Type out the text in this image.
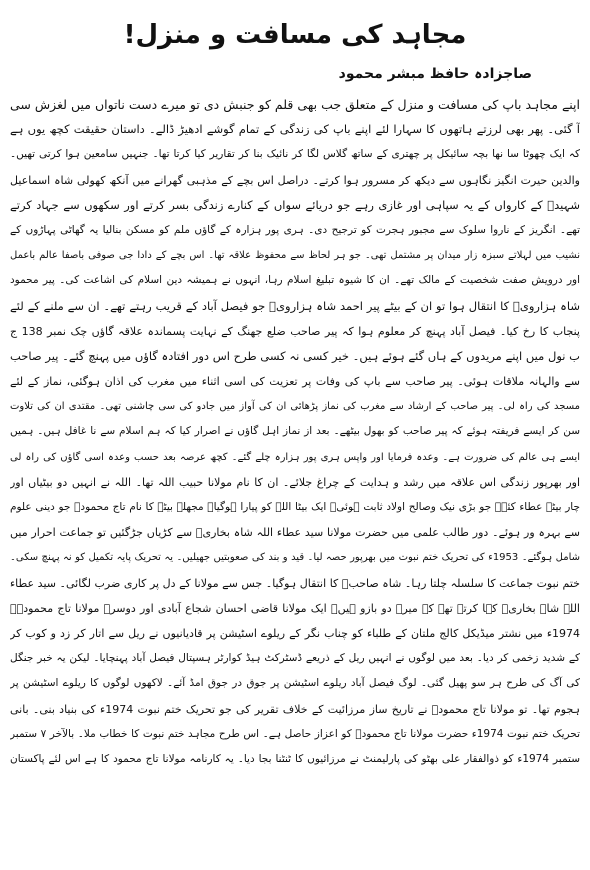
مجاہد کی مسافت و منزل!
صاجزادہ حافظ مبشر محمود
اپنے مجاہد باپ کی مسافت و منزل کے متعلق جب بھی قلم کو جنبش دی تو میرے دست ناتواں میں لغزش سی
آ گئی۔ پھر بھی لرزتے ہاتھوں کا سہارا لئے اپنے باپ کی زندگی کے تمام گوشے ادھیڑ ڈالے۔ داستان حقیقت کچھ یوں ہے
کہ ایک چھوٹا سا نھا بچہ سائیکل پر چھتری کے ساتھ گلاس لگا کر نائیک بنا کر تقاریر کیا کرتا تھا۔ جنہیں سامعین ہوا کرتی تھیں۔
والدین حیرت انگیز نگاہوں سے دیکھ کر مسرور ہوا کرتے۔ دراصل اس بچے کے مذہبی گھرانے میں آنکھ کھولی شاہ اسماعیل
شہیدؒ کے کارواں کے یہ سپاہی اور غازی رہے جو دریائے سواں کے کنارے زندگی بسر کرتے اور سکھوں سے جہاد کرتے
تھے۔ انگریز کے ناروا سلوک سے مجبور ہجرت کو ترجیح دی۔ ہری پور ہزارہ کے گاؤں ملم کو مسکن بنالیا یہ گھاٹی پہاڑوں کے
نشیب میں لہلاتے سبزہ زار میدان پر مشتمل تھی۔ جو ہر لحاظ سے محفوظ علاقہ تھا۔ اس بچے کے دادا جی صوفی باصفا عالم باعمل
اور درویش صفت شخصیت کے مالک تھے۔ ان کا شیوہ تبلیغ اسلام رہا، انہوں نے ہمیشہ دین اسلام کی اشاعت کی۔ پیر محمود
شاہ ہزارویؒ کا انتقال ہوا تو ان کے بیٹے پیر احمد شاہ ہزارویؒ جو فیصل آباد کے قریب رہتے تھے۔ ان سے ملنے کے لئے
پنجاب کا رخ کیا۔ فیصل آباد پہنچ کر معلوم ہوا کہ پیر صاحب ضلع جھنگ کے نہایت پسماندہ علاقہ گاؤں چک نمبر 138 ج
ب نول میں اپنے مریدوں کے ہاں گئے ہوئے ہیں۔ خیر کسی نہ کسی طرح اس دور افتادہ گاؤں میں پہنچ گئے۔ پیر صاحب
سے والہانہ ملاقات ہوئی۔ پیر صاحب سے باپ کی وفات پر تعزیت کی اسی اثناء میں مغرب کی اذان ہوگئی، نماز کے لئے
مسجد کی راہ لی۔ پیر صاحب کے ارشاد سے مغرب کی نماز پڑھائی ان کی آواز میں جادو کی سی چاشنی تھی۔ مقتدی ان کی تلاوت
سن کر ایسے فریفتہ ہوئے کہ پیر صاحب کو بھول بیٹھے۔ بعد از نماز اہل گاؤں نے اصرار کیا کہ ہم اسلام سے نا غافل ہیں۔ ہمیں
ایسے ہی عالم کی ضرورت ہے۔ وعدہ فرمایا اور واپس ہری پور ہزارہ چلے گئے۔ کچھ عرصہ بعد حسب وعدہ اسی گاؤں کی راہ لی
اور بھرپور زندگی اس علاقہ میں رشد و ہدایت کے چراغ جلائے۔ ان کا نام مولانا حبیب اللہ تھا۔ اللہ نے انہیں دو بیٹیاں اور
چار بیٹے عطاء کئے۔ جو بڑی نیک وصالح اولاد ثابت ہوئی۔ ایک بیٹا اللہ کو پیارا ہوگیا۔ مجھلے بیٹے کا نام تاج محمودؒ جو دینی علوم
سے بہرہ ور ہوئے۔ دور طالب علمی میں حضرت مولانا سید عطاء اللہ شاہ بخاریؒ سے کڑیاں جڑگئیں تو جماعت احرار میں
شامل ہوگئے۔ 1953ء کی تحریک ختم نبوت میں بھرپور حصہ لیا۔ قید و بند کی صعوبتیں جھیلیں۔ یہ تحریک پایہ تکمیل کو نہ پہنچ سکی۔
ختم نبوت جماعت کا سلسلہ چلتا رہا۔ شاہ صاحبؒ کا انتقال ہوگیا۔ جس سے مولانا کے دل پر کاری ضرب لگائی۔ سید عطاء
اللہ شاہ بخاریؒ کہا کرتے تھے کہ میرے دو بازو ہیں۔ ایک مولانا قاضی احسان شجاع آبادی اور دوسرے مولانا تاج محمودؒ۔
1974ء میں نشتر میڈیکل کالج ملتان کے طلباء کو چناب نگر کے ریلوے اسٹیشن پر قادیانیوں نے ریل سے اتار کر زد و کوب کر
کے شدید زخمی کر دیا۔ بعد میں لوگوں نے انہیں ریل کے ذریعے ڈسٹرکٹ ہیڈ کوارٹر ہسپتال فیصل آباد پہنچایا۔ لیکن یہ خبر جنگل
کی آگ کی طرح ہر سو پھیل گئی۔ لوگ فیصل آباد ریلوے اسٹیشن پر جوق در جوق امڈ آئے۔ لاکھوں لوگوں کا ریلوے اسٹیشن پر
ہجوم تھا۔ تو مولانا تاج محمودؒ نے تاریخ ساز مرزائیت کے خلاف تقریر کی جو تحریک ختم نبوت 1974ء کی بنیاد بنی۔ بانی
تحریک ختم نبوت 1974ء حضرت مولانا تاج محمودؒ کو اعزاز حاصل ہے۔ اس طرح مجاہد ختم نبوت کا خطاب ملا۔ بالآخر ۷ ستمبر
ستمبر 1974ء کو ذوالفقار علی بھٹو کی پارلیمنٹ نے مرزائیوں کا ٹنٹنا بجا دیا۔ یہ کارنامہ مولانا تاج محمود کا ہے اس لئے پاکستان
